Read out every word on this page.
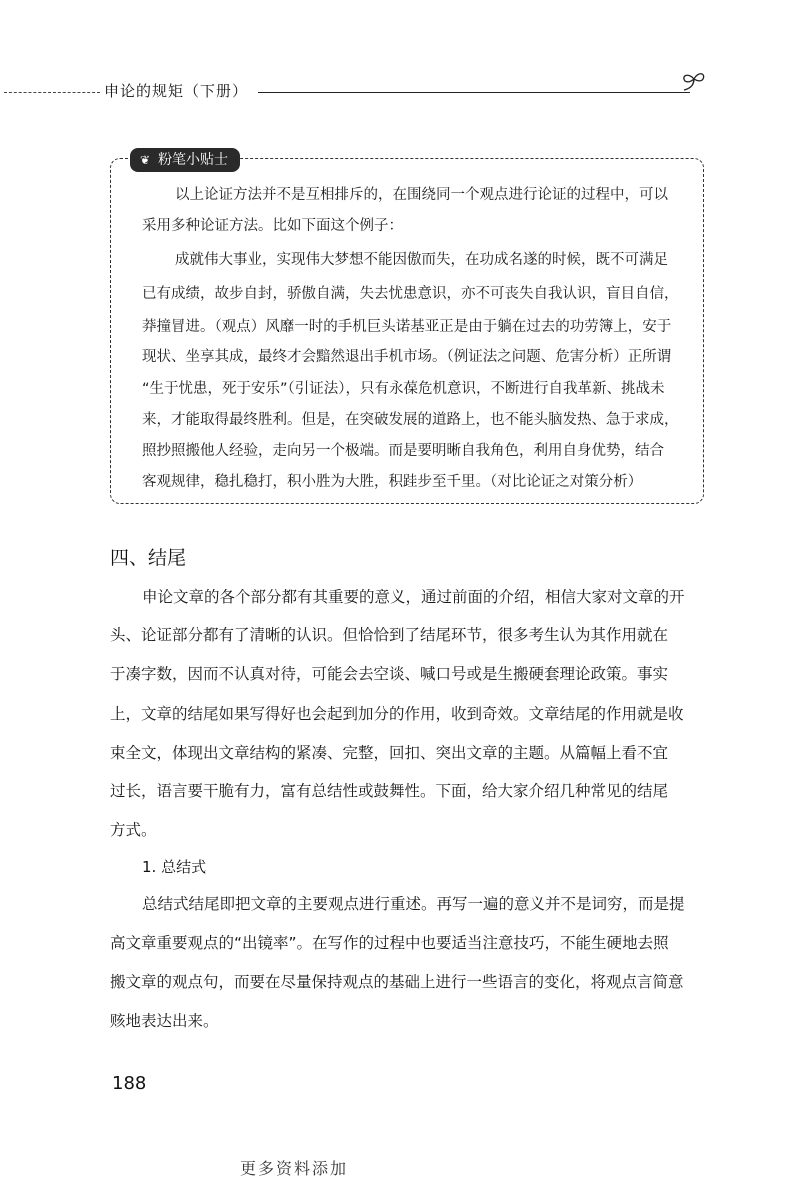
申论的规矩（下册）
❦ 粉笔小贴士
以上论证方法并不是互相排斥的，在围绕同一个观点进行论证的过程中，可以
采用多种论证方法。比如下面这个例子：
成就伟大事业，实现伟大梦想不能因傲而失，在功成名遂的时候，既不可满足
已有成绩，故步自封，骄傲自满，失去忧患意识，亦不可丧失自我认识，盲目自信，
莽撞冒进。（观点）风靡一时的手机巨头诺基亚正是由于躺在过去的功劳簿上，安于
现状、坐享其成，最终才会黯然退出手机市场。（例证法之问题、危害分析）正所谓
“生于忧患，死于安乐”（引证法），只有永葆危机意识，不断进行自我革新、挑战未
来，才能取得最终胜利。但是，在突破发展的道路上，也不能头脑发热、急于求成，
照抄照搬他人经验，走向另一个极端。而是要明晰自我角色，利用自身优势，结合
客观规律，稳扎稳打，积小胜为大胜，积跬步至千里。（对比论证之对策分析）
四、结尾
申论文章的各个部分都有其重要的意义，通过前面的介绍，相信大家对文章的开
头、论证部分都有了清晰的认识。但恰恰到了结尾环节，很多考生认为其作用就在
于凑字数，因而不认真对待，可能会去空谈、喊口号或是生搬硬套理论政策。事实
上，文章的结尾如果写得好也会起到加分的作用，收到奇效。文章结尾的作用就是收
束全文，体现出文章结构的紧凑、完整，回扣、突出文章的主题。从篇幅上看不宜
过长，语言要干脆有力，富有总结性或鼓舞性。下面，给大家介绍几种常见的结尾
方式。
1. 总结式
总结式结尾即把文章的主要观点进行重述。再写一遍的意义并不是词穷，而是提
高文章重要观点的“出镜率”。在写作的过程中也要适当注意技巧，不能生硬地去照
搬文章的观点句，而要在尽量保持观点的基础上进行一些语言的变化，将观点言简意
赅地表达出来。
188
更多资料添加
